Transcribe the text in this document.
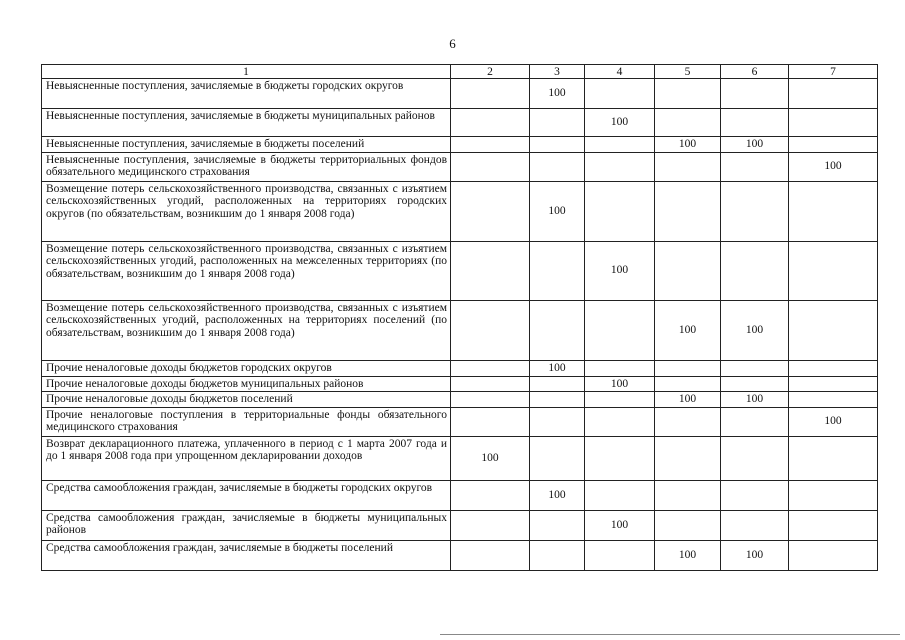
6
1	2	3	4	5	6	7
Невыясненные поступления, зачисляемые в бюджеты городских округов		100				
Невыясненные поступления, зачисляемые в бюджеты муниципальных районов			100			
Невыясненные поступления, зачисляемые в бюджеты поселений				100	100	
Невыясненные поступления, зачисляемые в бюджеты территориальных фондов обязательного медицинского страхования						100
Возмещение потерь сельскохозяйственного производства, связанных с изъятием сельскохозяйственных угодий, расположенных на территориях городских округов (по обязательствам, возникшим до 1 января 2008 года)		100				
Возмещение потерь сельскохозяйственного производства, связанных с изъятием сельскохозяйственных угодий, расположенных на межселенных территориях (по обязательствам, возникшим до 1 января 2008 года)			100			
Возмещение потерь сельскохозяйственного производства, связанных с изъятием сельскохозяйственных угодий, расположенных на территориях поселений (по обязательствам, возникшим до 1 января 2008 года)				100	100	
Прочие неналоговые доходы бюджетов городских округов		100				
Прочие неналоговые доходы бюджетов муниципальных районов			100			
Прочие неналоговые доходы бюджетов поселений				100	100	
Прочие неналоговые поступления в территориальные фонды обязательного медицинского страхования						100
Возврат декларационного платежа, уплаченного в период с 1 марта 2007 года и до 1 января 2008 года при упрощенном декларировании доходов	100					
Средства самообложения граждан, зачисляемые в бюджеты городских округов		100				
Средства самообложения граждан, зачисляемые в бюджеты муниципальных районов			100			
Средства самообложения граждан, зачисляемые в бюджеты поселений				100	100	
